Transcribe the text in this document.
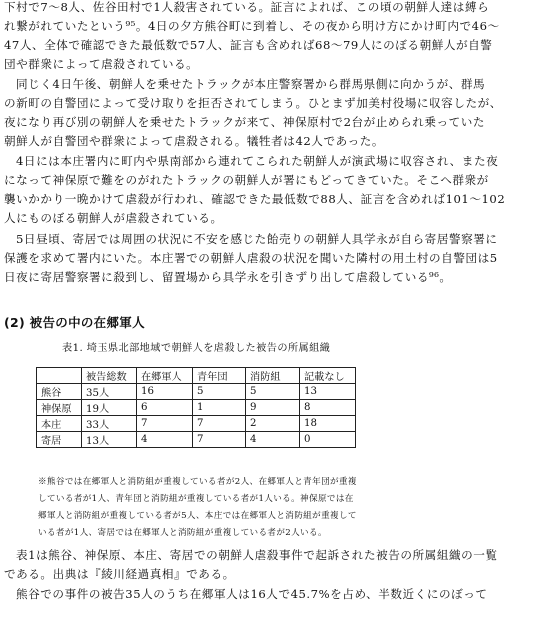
下村で7〜8人、佐谷田村で1人殺害されている。証言によれば、この頃の朝鮮人達は縛ら
れ繋がれていたという⁹⁵。4日の夕方熊谷町に到着し、その夜から明け方にかけ町内で46〜
47人、全体で確認できた最低数で57人、証言も含めれば68〜79人にのぼる朝鮮人が自警
団や群衆によって虐殺されている。
同じく4日午後、朝鮮人を乗せたトラックが本庄警察署から群馬県側に向かうが、群馬
の新町の自警団によって受け取りを拒否されてしまう。ひとまず加美村役場に収容したが、
夜になり再び別の朝鮮人を乗せたトラックが来て、神保原村で2台が止められ乗っていた
朝鮮人が自警団や群衆によって虐殺される。犠牲者は42人であった。
4日には本庄署内に町内や県南部から連れてこられた朝鮮人が演武場に収容され、また夜
になって神保原で難をのがれたトラックの朝鮮人が署にもどってきていた。そこへ群衆が
襲いかかり一晩かけて虐殺が行われ、確認できた最低数で88人、証言を含めれば101〜102
人にものぼる朝鮮人が虐殺されている。
5日昼頃、寄居では周囲の状況に不安を感じた飴売りの朝鮮人具学永が自ら寄居警察署に
保護を求めて署内にいた。本庄署での朝鮮人虐殺の状況を聞いた隣村の用土村の自警団は5
日夜に寄居警察署に殺到し、留置場から具学永を引きずり出して虐殺している⁹⁶。
(2) 被告の中の在郷軍人
表1. 埼玉県北部地域で朝鮮人を虐殺した被告の所属組織
	被告総数	在郷軍人	青年団	消防組	記載なし
熊谷	35人	16	5	5	13
神保原	19人	6	1	9	8
本庄	33人	7	7	2	18
寄居	13人	4	7	4	0
※熊谷では在郷軍人と消防組が重複している者が2人、在郷軍人と青年団が重複
している者が1人、青年団と消防組が重複している者が1人いる。神保原では在
郷軍人と消防組が重複している者が5人、本庄では在郷軍人と消防組が重複して
いる者が1人、寄居では在郷軍人と消防組が重複している者が2人いる。
表1は熊谷、神保原、本庄、寄居での朝鮮人虐殺事件で起訴された被告の所属組織の一覧
である。出典は『綾川経過真相』である。
熊谷での事件の被告35人のうち在郷軍人は16人で45.7%を占め、半数近くにのぼって
